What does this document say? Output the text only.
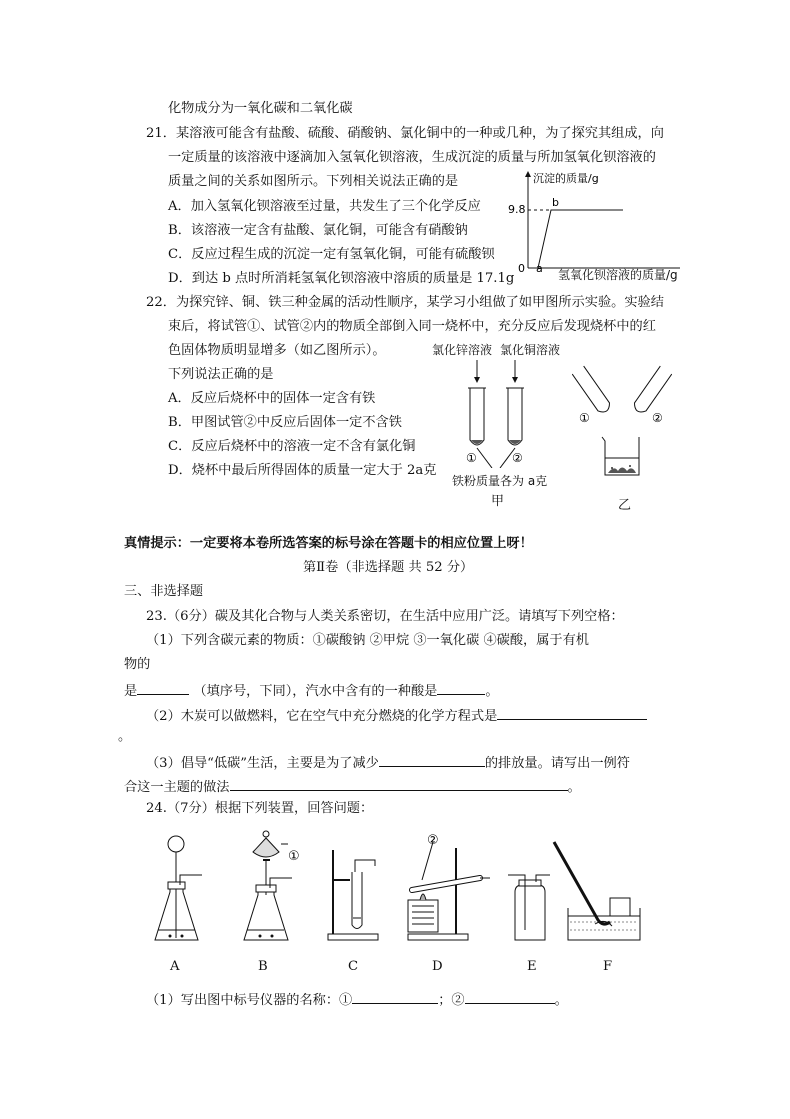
化物成分为一氧化碳和二氧化碳
21．某溶液可能含有盐酸、硫酸、硝酸钠、氯化铜中的一种或几种，为了探究其组成，向
一定质量的该溶液中逐滴加入氢氧化钡溶液，生成沉淀的质量与所加氢氧化钡溶液的
质量之间的关系如图所示。下列相关说法正确的是
A．加入氢氧化钡溶液至过量，共发生了三个化学反应
B．该溶液一定含有盐酸、氯化铜，可能含有硝酸钠
C．反应过程生成的沉淀一定有氢氧化铜，可能有硫酸钡
D．到达 b 点时所消耗氢氧化钡溶液中溶质的质量是 17.1g
沉淀的质量/g
9.8
0 a
b
氢氧化钡溶液的质量/g
22．为探究锌、铜、铁三种金属的活动性顺序，某学习小组做了如甲图所示实验。实验结
束后，将试管①、试管②内的物质全部倒入同一烧杯中，充分反应后发现烧杯中的红
色固体物质明显增多（如乙图所示）。
下列说法正确的是
A．反应后烧杯中的固体一定含有铁
B．甲图试管②中反应后固体一定不含铁
C．反应后烧杯中的溶液一定不含有氯化铜
D．烧杯中最后所得固体的质量一定大于 2a克
氯化锌溶液 氯化铜溶液
①	②
铁粉质量各为 a克
甲
①	②
乙
真情提示：一定要将本卷所选答案的标号涂在答题卡的相应位置上呀！
第Ⅱ卷（非选择题 共 52 分）
三、非选择题
23.（6分）碳及其化合物与人类关系密切，在生活中应用广泛。请填写下列空格：
（1）下列含碳元素的物质：①碳酸钠 ②甲烷 ③一氧化碳 ④碳酸，属于有机
物的
是	（填序号，下同），汽水中含有的一种酸是	。
（2）木炭可以做燃料，它在空气中充分燃烧的化学方程式是
。
（3）倡导“低碳”生活，主要是为了减少	的排放量。请写出一例符
合这一主题的做法	。
24.（7分）根据下列装置，回答问题：
①
②
A	B	C	D	E	F
（1）写出图中标号仪器的名称：①	；②	。
